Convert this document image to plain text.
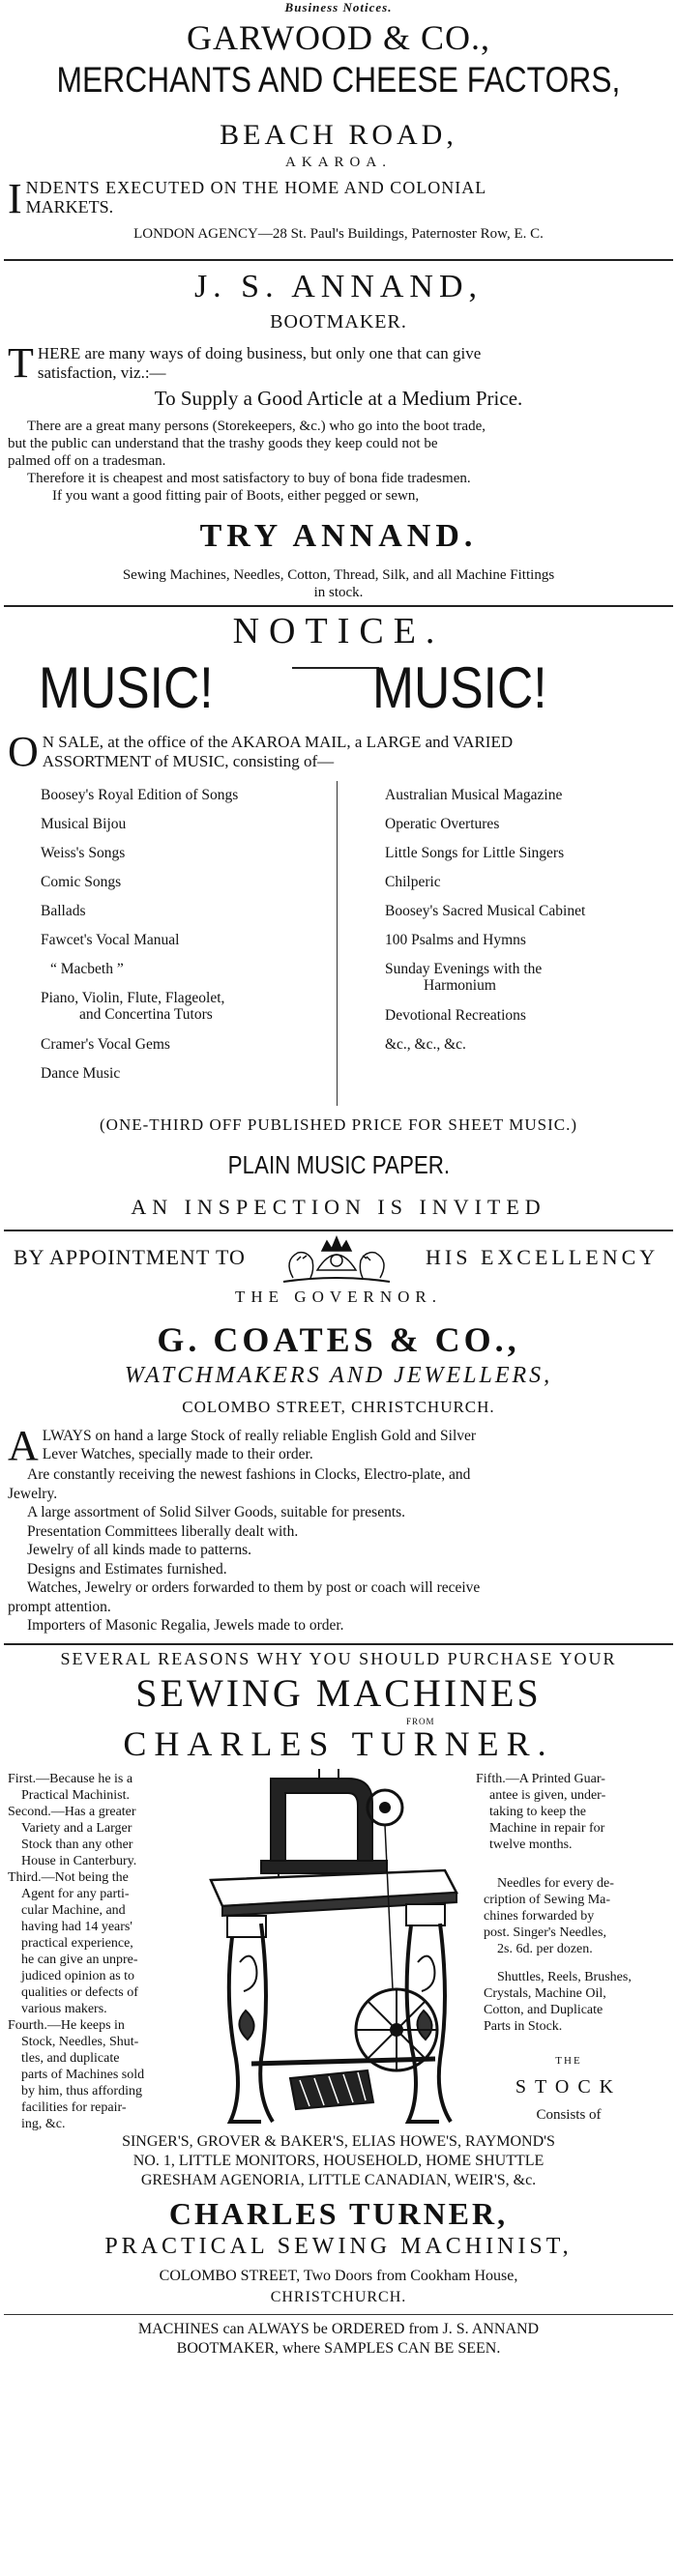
Business Notices.
GARWOOD & CO.,
MERCHANTS AND CHEESE FACTORS,
BEACH ROAD,
AKAROA.
I NDENTS EXECUTED ON THE HOME AND COLONIAL
MARKETS.
LONDON AGENCY—28 St. Paul's Buildings, Paternoster Row, E. C.
J. S. ANNAND,
BOOTMAKER.
T HERE are many ways of doing business, but only one that can give
satisfaction, viz.:—
To Supply a Good Article at a Medium Price.
There are a great many persons (Storekeepers, &c.) who go into the boot trade,
but the public can understand that the trashy goods they keep could not be
palmed off on a tradesman.
Therefore it is cheapest and most satisfactory to buy of bona fide tradesmen.
If you want a good fitting pair of Boots, either pegged or sewn,
TRY ANNAND.
Sewing Machines, Needles, Cotton, Thread, Silk, and all Machine Fittings
in stock.
NOTICE.
MUSIC!	MUSIC!
O N SALE, at the office of the AKAROA MAIL, a LARGE and VARIED
ASSORTMENT of MUSIC, consisting of—
Boosey's Royal Edition of Songs
Musical Bijou
Weiss's Songs
Comic Songs
Ballads
Fawcet's Vocal Manual
“ Macbeth ”
Piano, Violin, Flute, Flageolet,
and Concertina Tutors
Cramer's Vocal Gems
Dance Music
Australian Musical Magazine
Operatic Overtures
Little Songs for Little Singers
Chilperic
Boosey's Sacred Musical Cabinet
100 Psalms and Hymns
Sunday Evenings with the
Harmonium
Devotional Recreations
&c., &c., &c.
(ONE-THIRD OFF PUBLISHED PRICE FOR SHEET MUSIC.)
PLAIN MUSIC PAPER.
AN INSPECTION IS INVITED
BY APPOINTMENT TO	HIS EXCELLENCY
THE GOVERNOR.
G. COATES & CO.,
WATCHMAKERS AND JEWELLERS,
COLOMBO STREET, CHRISTCHURCH.
A LWAYS on hand a large Stock of really reliable English Gold and Silver
Lever Watches, specially made to their order.
Are constantly receiving the newest fashions in Clocks, Electro-plate, and
Jewelry.
A large assortment of Solid Silver Goods, suitable for presents.
Presentation Committees liberally dealt with.
Jewelry of all kinds made to patterns.
Designs and Estimates furnished.
Watches, Jewelry or orders forwarded to them by post or coach will receive
prompt attention.
Importers of Masonic Regalia, Jewels made to order.
SEVERAL REASONS WHY YOU SHOULD PURCHASE YOUR
SEWING MACHINES
FROM
CHARLES TURNER.
First.—Because he is a
Practical Machinist.
Second.—Has a greater
Variety and a Larger
Stock than any other
House in Canterbury.
Third.—Not being the
Agent for any parti-
cular Machine, and
having had 14 years'
practical experience,
he can give an unpre-
judiced opinion as to
qualities or defects of
various makers.
Fourth.—He keeps in
Stock, Needles, Shut-
tles, and duplicate
parts of Machines sold
by him, thus affording
facilities for repair-
ing, &c.
Fifth.—A Printed Guar-
antee is given, under-
taking to keep the
Machine in repair for
twelve months.
Needles for every de-
cription of Sewing Ma-
chines forwarded by
post. Singer's Needles,
2s. 6d. per dozen.
Shuttles, Reels, Brushes,
Crystals, Machine Oil,
Cotton, and Duplicate
Parts in Stock.
THE
STOCK
Consists of
SINGER'S, GROVER & BAKER'S, ELIAS HOWE'S, RAYMOND'S
NO. 1, LITTLE MONITORS, HOUSEHOLD, HOME SHUTTLE
GRESHAM AGENORIA, LITTLE CANADIAN, WEIR'S, &c.
CHARLES TURNER,
PRACTICAL SEWING MACHINIST,
COLOMBO STREET, Two Doors from Cookham House,
CHRISTCHURCH.
MACHINES can ALWAYS be ORDERED from J. S. ANNAND
BOOTMAKER, where SAMPLES CAN BE SEEN.
